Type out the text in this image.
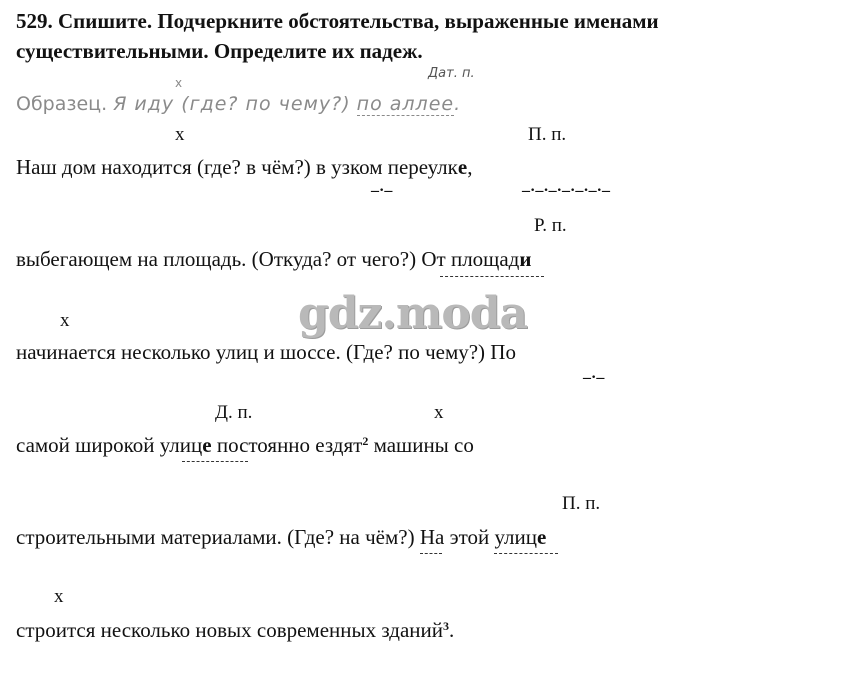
529. Спишите. Подчеркните обстоятельства, выраженные именами
существительными. Определите их падеж.
x
Дат. п.
Образец. Я иду (где? по чему?) по аллее.
x	П. п.
Наш дом находится (где? в чём?) в узком переулке,
–·–	–·–·–·–·–·–·–
Р. п.
выбегающем на площадь. (Откуда? от чего?) От площади
gdz.moda
x
начинается несколько улиц и шоссе. (Где? по чему?) По
–·–
Д. п.	x
самой широкой улице постоянно ездят$^2$ машины со
П. п.
строительными материалами. (Где? на чём?) На этой улице
x
строится несколько новых современных зданий$^3$.
